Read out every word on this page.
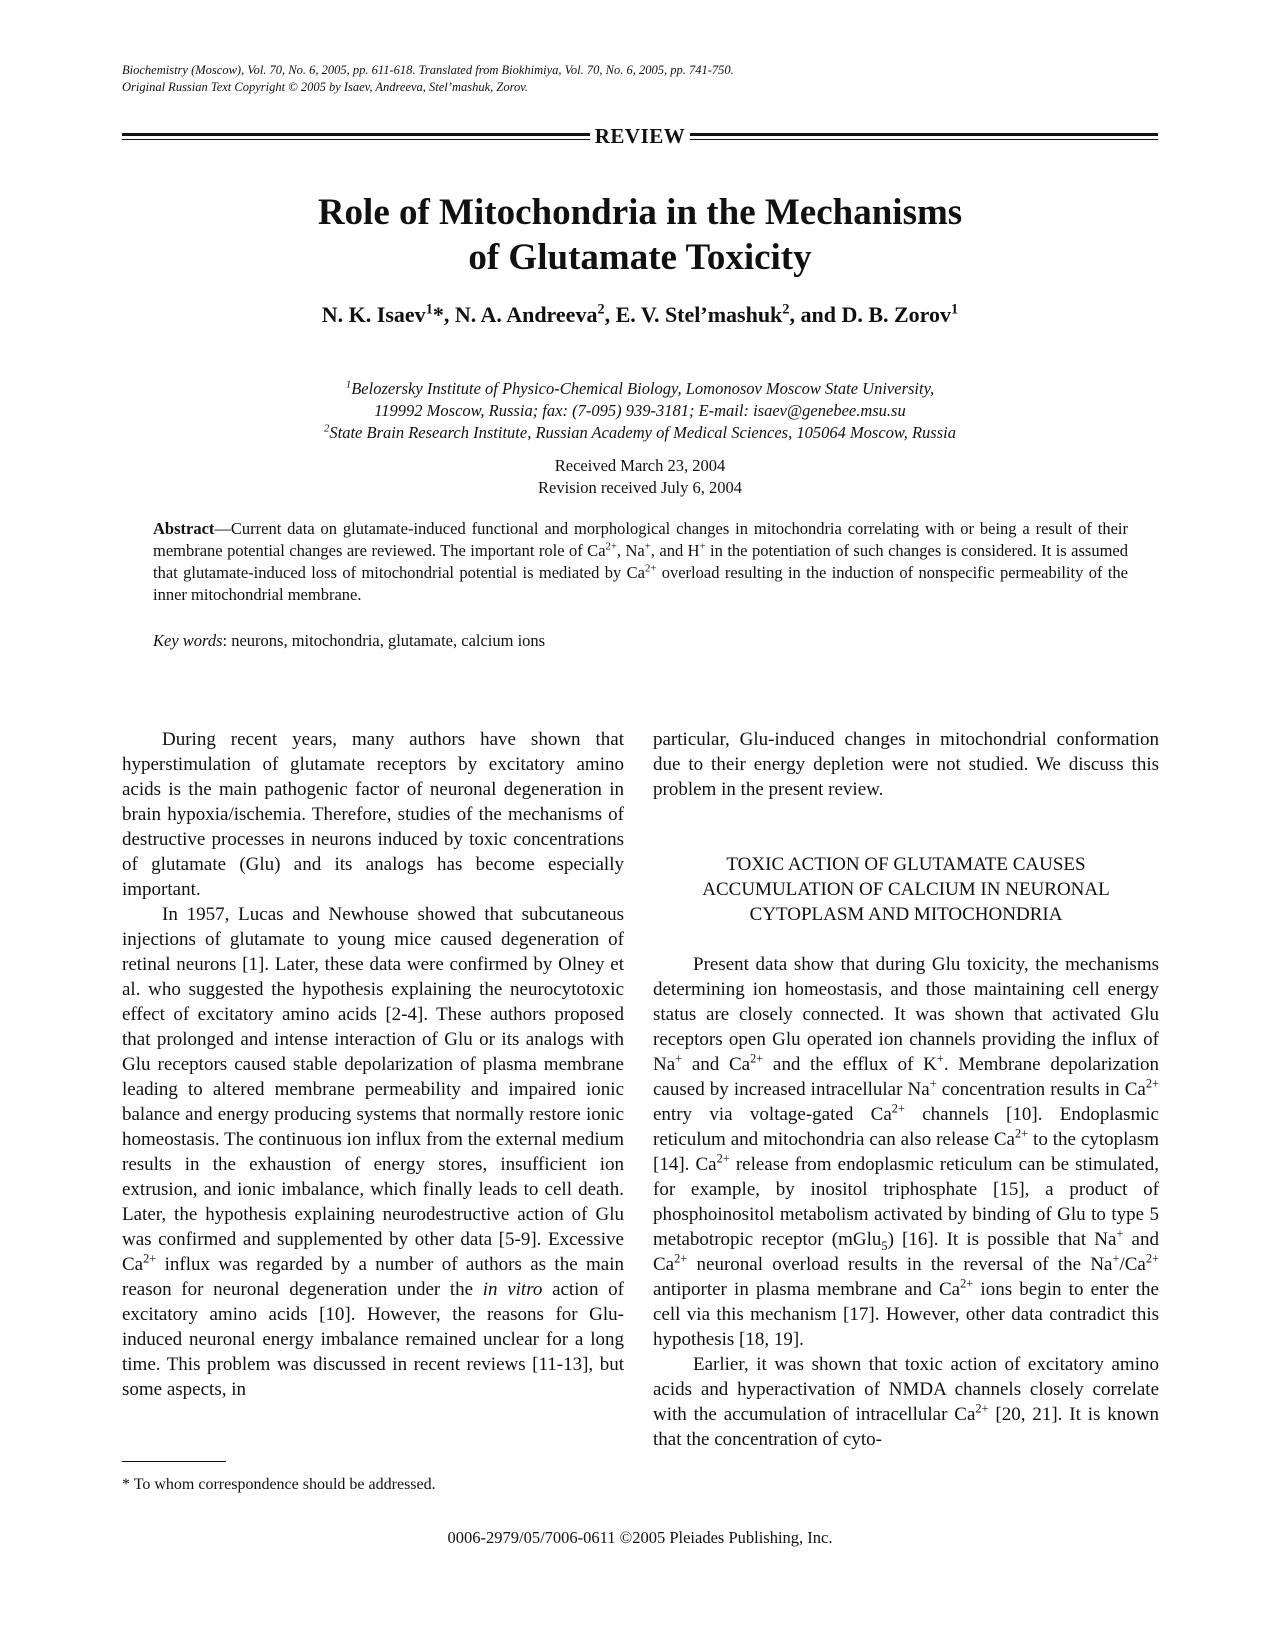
Biochemistry (Moscow), Vol. 70, No. 6, 2005, pp. 611-618. Translated from Biokhimiya, Vol. 70, No. 6, 2005, pp. 741-750.
Original Russian Text Copyright © 2005 by Isaev, Andreeva, Stel’mashuk, Zorov.
REVIEW
Role of Mitochondria in the Mechanisms
of Glutamate Toxicity
N. K. Isaev$^1$*, N. A. Andreeva$^2$, E. V. Stel’mashuk$^2$, and D. B. Zorov$^1$
$^1$Belozersky Institute of Physico-Chemical Biology, Lomonosov Moscow State University,
119992 Moscow, Russia; fax: (7-095) 939-3181; E-mail: isaev@genebee.msu.su
$^2$State Brain Research Institute, Russian Academy of Medical Sciences, 105064 Moscow, Russia
Received March 23, 2004
Revision received July 6, 2004
Abstract—Current data on glutamate-induced functional and morphological changes in mitochondria correlating with or being a result of their membrane potential changes are reviewed. The important role of $Ca^{2+}$, Na+, and H+ in the potentiation of such changes is considered. It is assumed that glutamate-induced loss of mitochondrial potential is mediated by $Ca^{2+}$ overload resulting in the induction of nonspecific permeability of the inner mitochondrial membrane.
Key words: neurons, mitochondria, glutamate, calcium ions

During recent years, many authors have shown that hyperstimulation of glutamate receptors by excitatory amino acids is the main pathogenic factor of neuronal degeneration in brain hypoxia/ischemia. Therefore, studies of the mechanisms of destructive processes in neurons induced by toxic concentrations of glutamate (Glu) and its analogs has become especially important.

In 1957, Lucas and Newhouse showed that subcutaneous injections of glutamate to young mice caused degeneration of retinal neurons [1]. Later, these data were confirmed by Olney et al. who suggested the hypothesis explaining the neurocytotoxic effect of excitatory amino acids [2-4]. These authors proposed that prolonged and intense interaction of Glu or its analogs with Glu receptors caused stable depolarization of plasma membrane leading to altered membrane permeability and impaired ionic balance and energy producing systems that normally restore ionic homeostasis. The continuous ion influx from the external medium results in the exhaustion of energy stores, insufficient ion extrusion, and ionic imbalance, which finally leads to cell death. Later, the hypothesis explaining neurodestructive action of Glu was confirmed and supplemented by other data [5-9]. Excessive $Ca^{2+}$ influx was regarded by a number of authors as the main reason for neuronal degeneration under the in vitro action of excitatory amino acids [10]. However, the reasons for Glu-induced neuronal energy imbalance remained unclear for a long time. This problem was discussed in recent reviews [11-13], but some aspects, in

* To whom correspondence should be addressed.

particular, Glu-induced changes in mitochondrial conformation due to their energy depletion were not studied. We discuss this problem in the present review.

TOXIC ACTION OF GLUTAMATE CAUSES
ACCUMULATION OF CALCIUM IN NEURONAL
CYTOPLASM AND MITOCHONDRIA

Present data show that during Glu toxicity, the mechanisms determining ion homeostasis, and those maintaining cell energy status are closely connected. It was shown that activated Glu receptors open Glu operated ion channels providing the influx of Na+ and $Ca^{2+}$ and the efflux of K+. Membrane depolarization caused by increased intracellular Na+ concentration results in $Ca^{2+}$ entry via voltage-gated $Ca^{2+}$ channels [10]. Endoplasmic reticulum and mitochondria can also release $Ca^{2+}$ to the cytoplasm [14]. $Ca^{2+}$ release from endoplasmic reticulum can be stimulated, for example, by inositol triphosphate [15], a product of phosphoinositol metabolism activated by binding of Glu to type 5 metabotropic receptor (mGlu$_5$) [16]. It is possible that Na+ and $Ca^{2+}$ neuronal overload results in the reversal of the $Na^+/Ca^{2+}$ antiporter in plasma membrane and $Ca^{2+}$ ions begin to enter the cell via this mechanism [17]. However, other data contradict this hypothesis [18, 19].

Earlier, it was shown that toxic action of excitatory amino acids and hyperactivation of NMDA channels closely correlate with the accumulation of intracellular $Ca^{2+}$ [20, 21]. It is known that the concentration of cyto-

0006-2979/05/7006-0611 ©2005 Pleiades Publishing, Inc.
